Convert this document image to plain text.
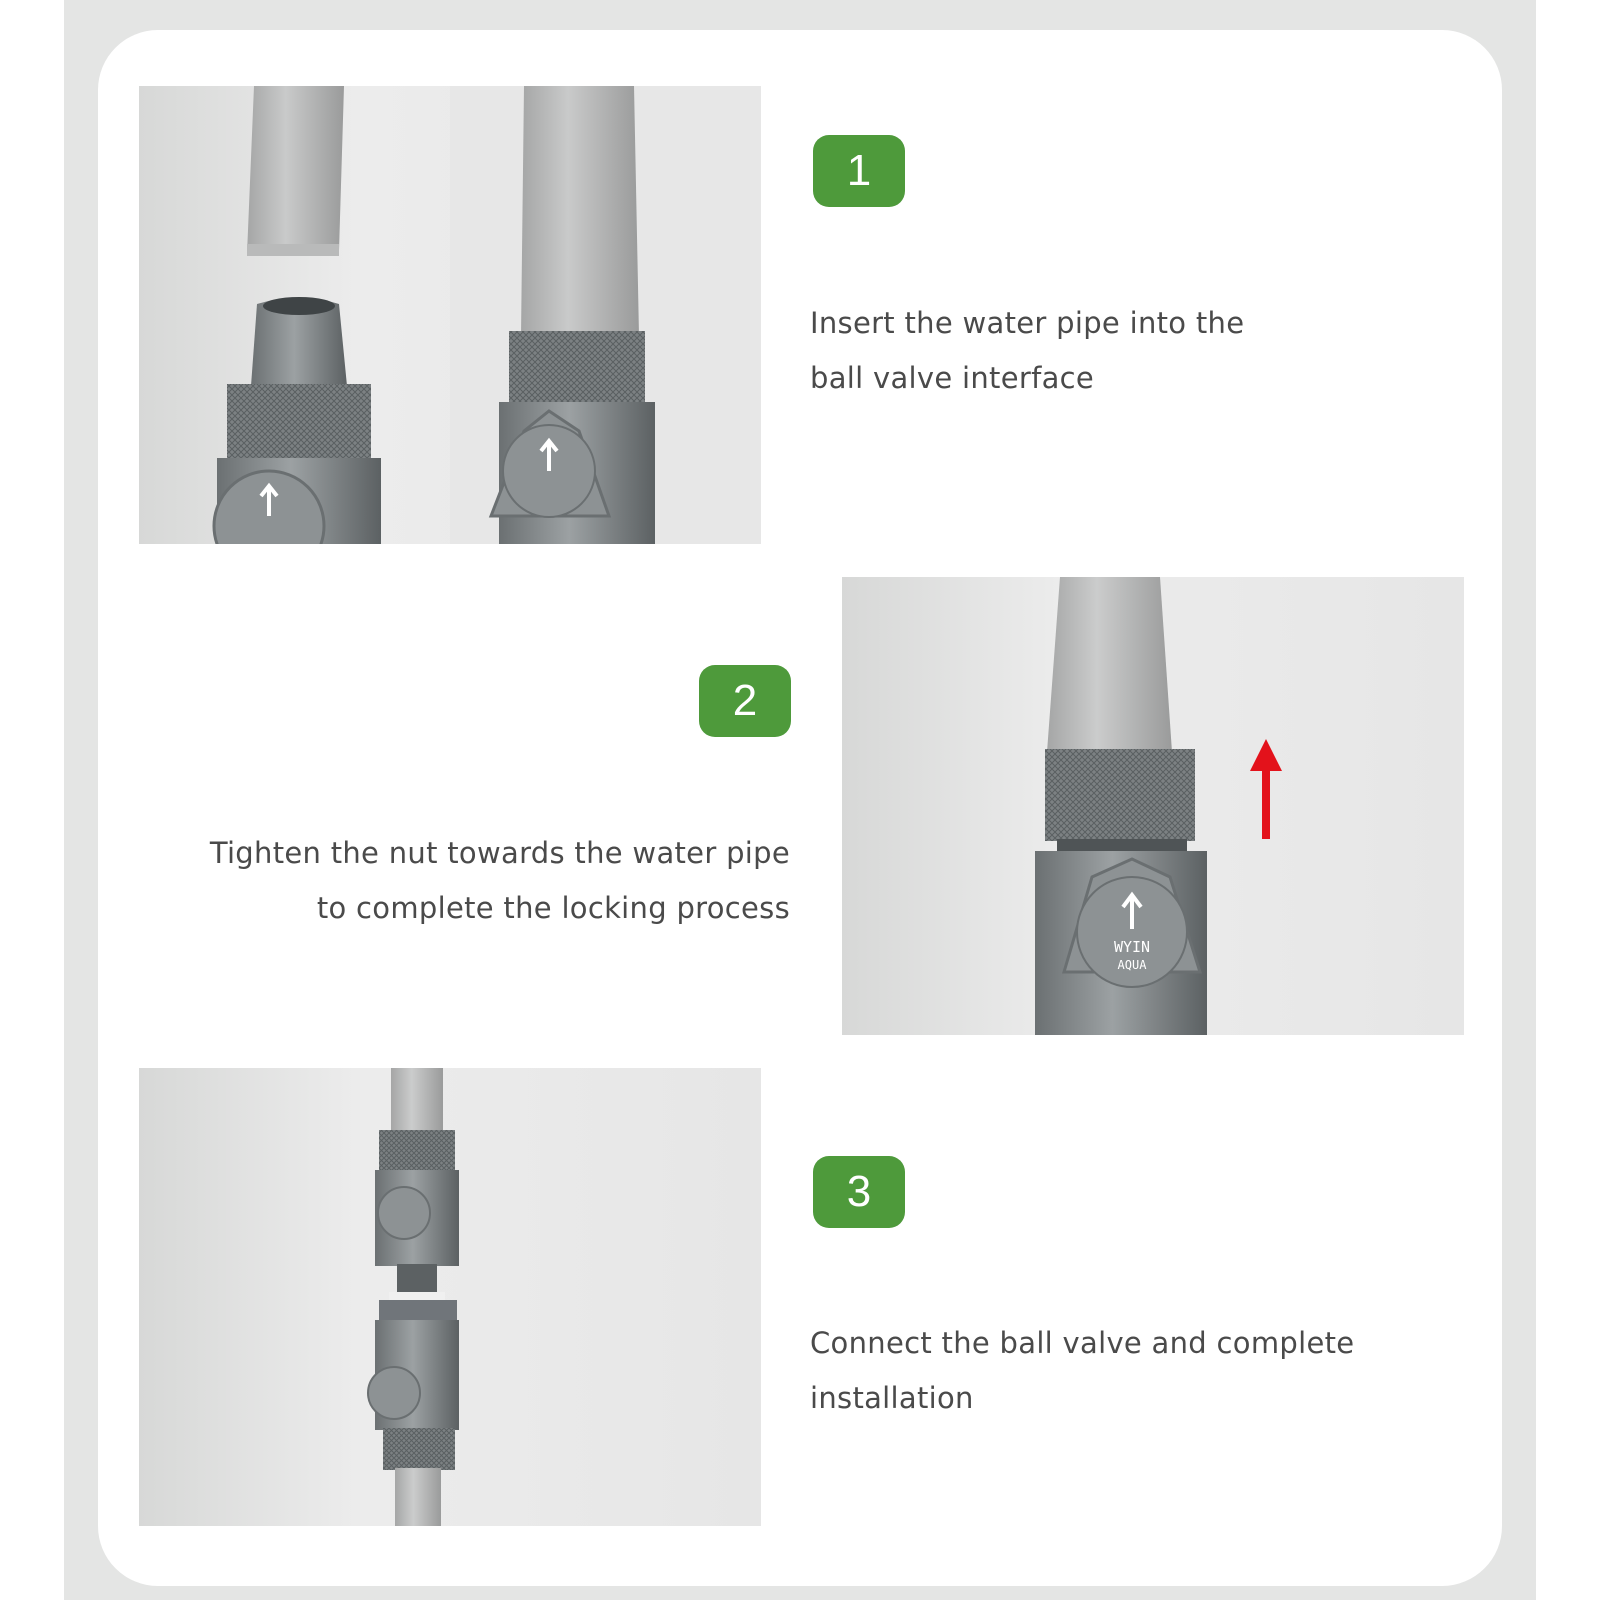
1
Insert the water pipe into the
ball valve interface
2
Tighten the nut towards the water pipe
to complete the locking process
WYIN
AQUA
3
Connect the ball valve and complete
installation
